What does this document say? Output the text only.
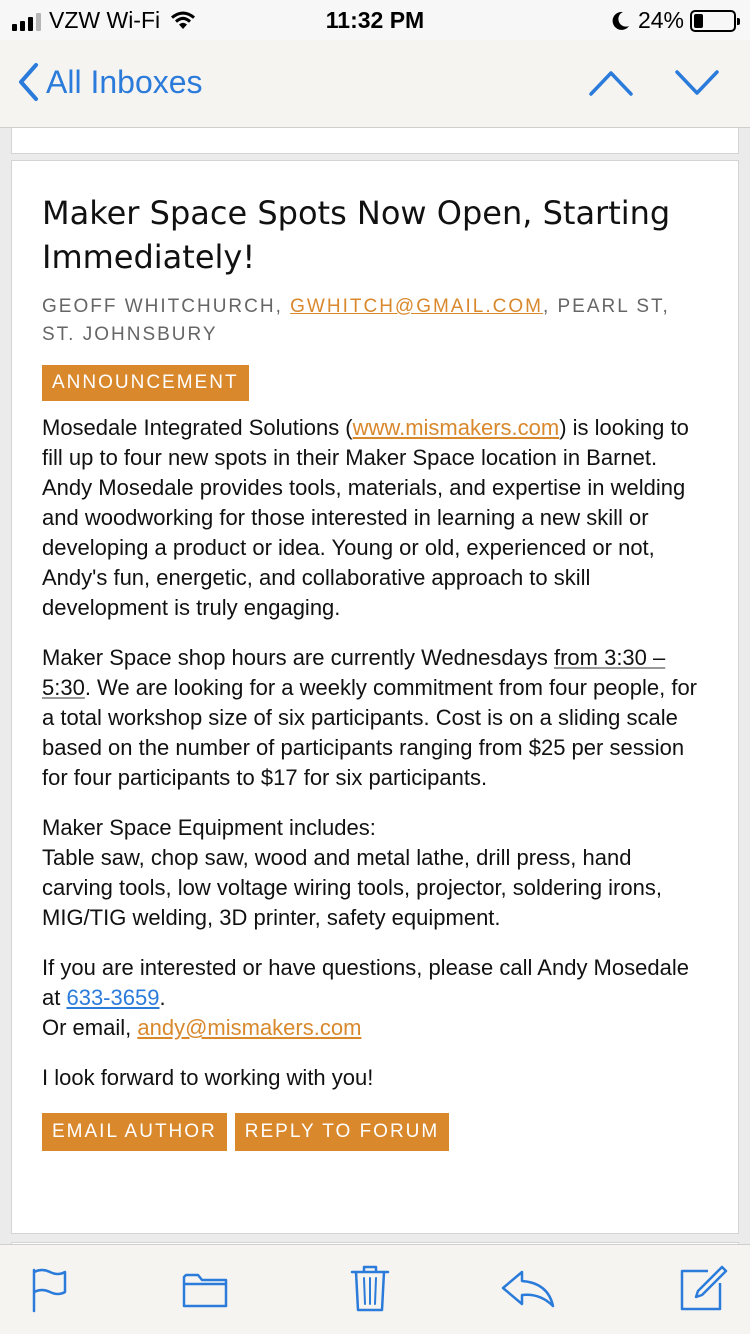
VZW Wi-Fi	11:32 PM	24%
All Inboxes
Maker Space Spots Now Open, Starting Immediately!
GEOFF WHITCHURCH, GWHITCH@GMAIL.COM, PEARL ST, ST. JOHNSBURY
ANNOUNCEMENT

Mosedale Integrated Solutions (www.mismakers.com) is looking to fill up to four new spots in their Maker Space location in Barnet. Andy Mosedale provides tools, materials, and expertise in welding and woodworking for those interested in learning a new skill or developing a product or idea. Young or old, experienced or not, Andy's fun, energetic, and collaborative approach to skill development is truly engaging.

Maker Space shop hours are currently Wednesdays from 3:30 – 5:30. We are looking for a weekly commitment from four people, for a total workshop size of six participants. Cost is on a sliding scale based on the number of participants ranging from $25 per session for four participants to $17 for six participants.

Maker Space Equipment includes:
Table saw, chop saw, wood and metal lathe, drill press, hand carving tools, low voltage wiring tools, projector, soldering irons, MIG/TIG welding, 3D printer, safety equipment.

If you are interested or have questions, please call Andy Mosedale at 633-3659.
Or email, andy@mismakers.com

I look forward to working with you!

EMAIL AUTHOR	REPLY TO FORUM
